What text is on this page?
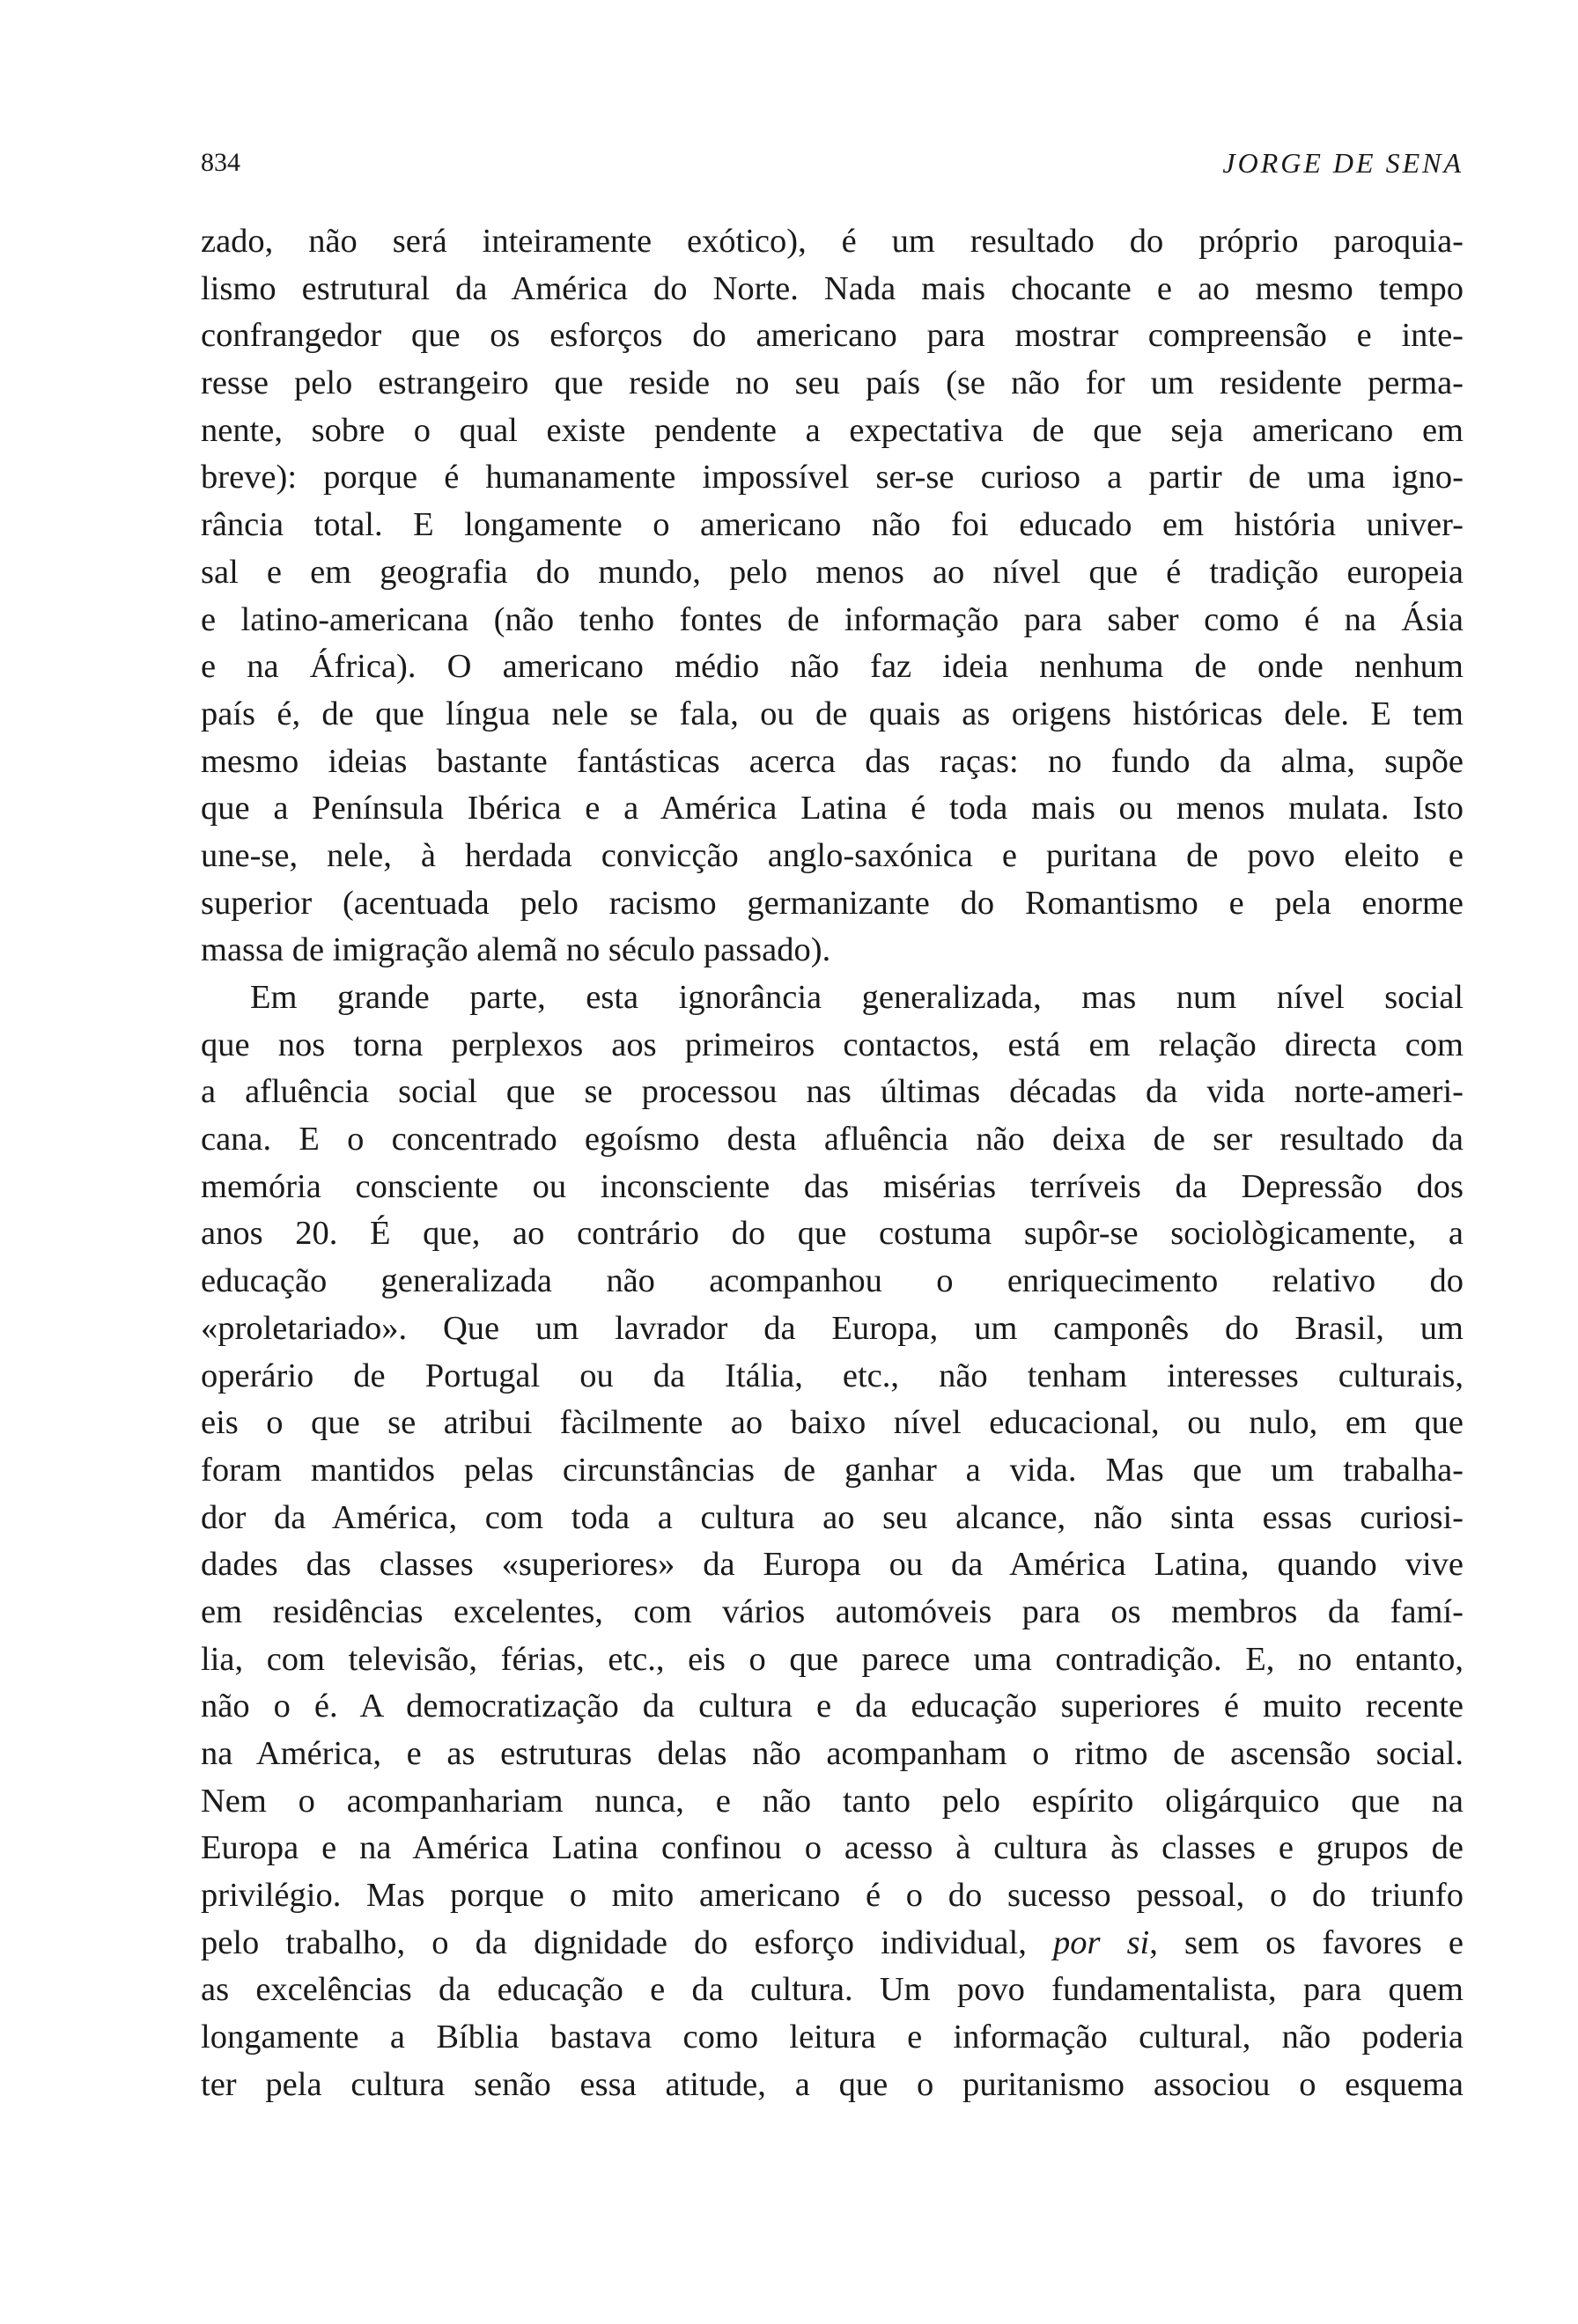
834	JORGE DE SENA
zado, não será inteiramente exótico), é um resultado do próprio paroquia-
lismo estrutural da América do Norte. Nada mais chocante e ao mesmo tempo
confrangedor que os esforços do americano para mostrar compreensão e inte-
resse pelo estrangeiro que reside no seu país (se não for um residente perma-
nente, sobre o qual existe pendente a expectativa de que seja americano em
breve): porque é humanamente impossível ser-se curioso a partir de uma igno-
rância total. E longamente o americano não foi educado em história univer-
sal e em geografia do mundo, pelo menos ao nível que é tradição europeia
e latino-americana (não tenho fontes de informação para saber como é na Ásia
e na África). O americano médio não faz ideia nenhuma de onde nenhum
país é, de que língua nele se fala, ou de quais as origens históricas dele. E tem
mesmo ideias bastante fantásticas acerca das raças: no fundo da alma, supõe
que a Península Ibérica e a América Latina é toda mais ou menos mulata. Isto
une-se, nele, à herdada convicção anglo-saxónica e puritana de povo eleito e
superior (acentuada pelo racismo germanizante do Romantismo e pela enorme
massa de imigração alemã no século passado).
Em grande parte, esta ignorância generalizada, mas num nível social
que nos torna perplexos aos primeiros contactos, está em relação directa com
a afluência social que se processou nas últimas décadas da vida norte-ameri-
cana. E o concentrado egoísmo desta afluência não deixa de ser resultado da
memória consciente ou inconsciente das misérias terríveis da Depressão dos
anos 20. É que, ao contrário do que costuma supôr-se sociològicamente, a
educação generalizada não acompanhou o enriquecimento relativo do
«proletariado». Que um lavrador da Europa, um camponês do Brasil, um
operário de Portugal ou da Itália, etc., não tenham interesses culturais,
eis o que se atribui fàcilmente ao baixo nível educacional, ou nulo, em que
foram mantidos pelas circunstâncias de ganhar a vida. Mas que um trabalha-
dor da América, com toda a cultura ao seu alcance, não sinta essas curiosi-
dades das classes «superiores» da Europa ou da América Latina, quando vive
em residências excelentes, com vários automóveis para os membros da famí-
lia, com televisão, férias, etc., eis o que parece uma contradição. E, no entanto,
não o é. A democratização da cultura e da educação superiores é muito recente
na América, e as estruturas delas não acompanham o ritmo de ascensão social.
Nem o acompanhariam nunca, e não tanto pelo espírito oligárquico que na
Europa e na América Latina confinou o acesso à cultura às classes e grupos de
privilégio. Mas porque o mito americano é o do sucesso pessoal, o do triunfo
pelo trabalho, o da dignidade do esforço individual, por si, sem os favores e
as excelências da educação e da cultura. Um povo fundamentalista, para quem
longamente a Bíblia bastava como leitura e informação cultural, não poderia
ter pela cultura senão essa atitude, a que o puritanismo associou o esquema
